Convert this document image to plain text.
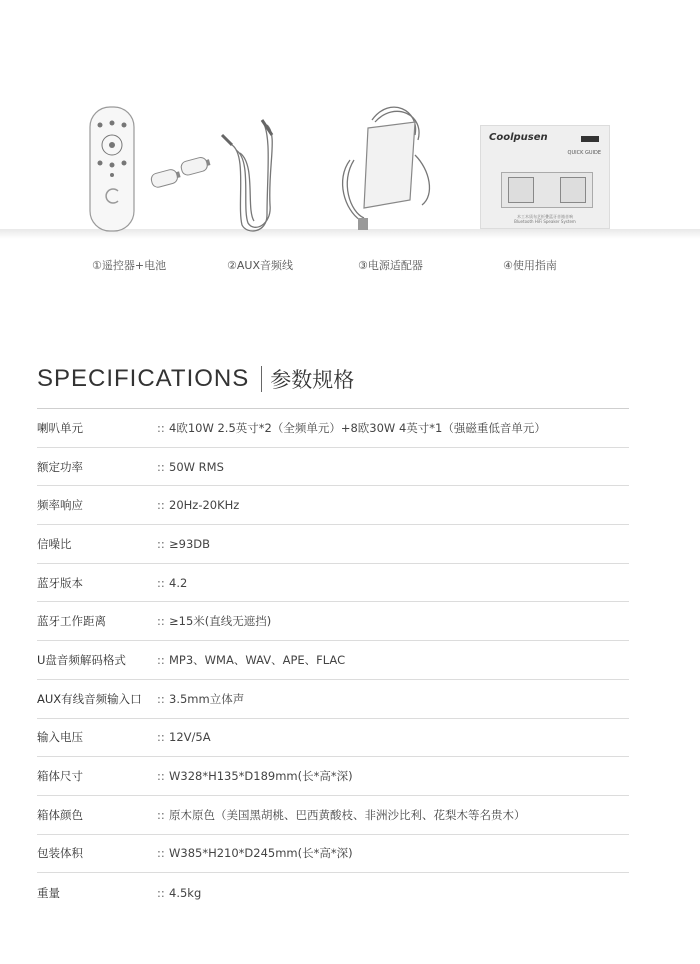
Coolpusen
QUICK GUIDE
木工木质布艺折叠蓝牙音箱音响
Bluetooth HiFi Speaker System
①遥控器+电池	②AUX音频线	③电源适配器	④使用指南
SPECIFICATIONS 参数规格
喇叭单元	:: 4欧10W 2.5英寸*2（全频单元）+8欧30W 4英寸*1（强磁重低音单元）
额定功率	:: 50W RMS
频率响应	:: 20Hz-20KHz
信噪比	:: ≥93DB
蓝牙版本	:: 4.2
蓝牙工作距离	:: ≥15米(直线无遮挡)
U盘音频解码格式	:: MP3、WMA、WAV、APE、FLAC
AUX有线音频输入口	:: 3.5mm立体声
输入电压	:: 12V/5A
箱体尺寸	:: W328*H135*D189mm(长*高*深)
箱体颜色	:: 原木原色（美国黑胡桃、巴西黄酸枝、非洲沙比利、花梨木等名贵木）
包装体积	:: W385*H210*D245mm(长*高*深)
重量	:: 4.5kg
